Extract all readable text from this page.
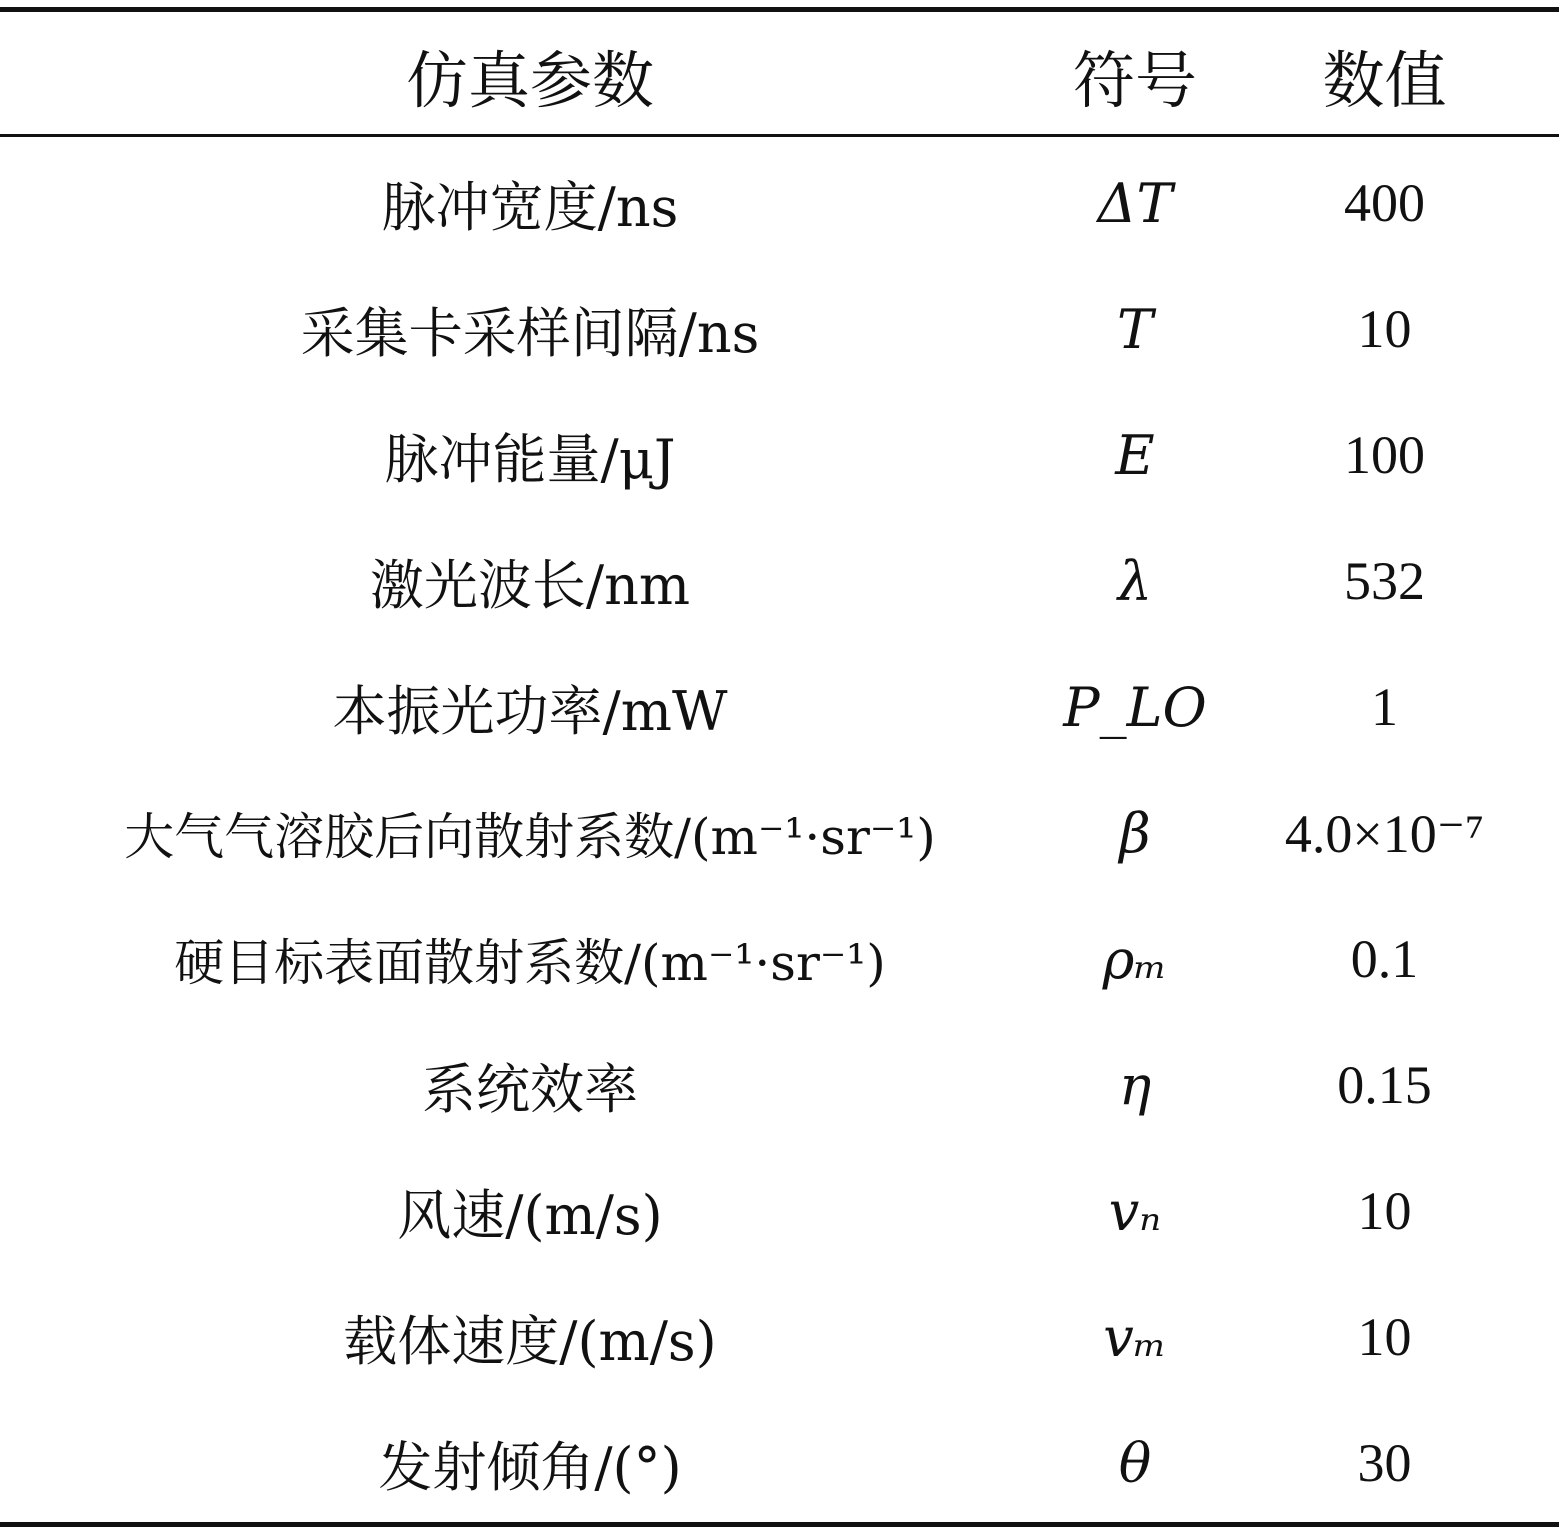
仿真参数	符号	数值
脉冲宽度/ns	ΔT	400
采集卡采样间隔/ns	T	10
脉冲能量/μJ	E	100
激光波长/nm	λ	532
本振光功率/mW	P_LO	1
大气气溶胶后向散射系数/(m⁻¹·sr⁻¹)	β	4.0×10⁻⁷
硬目标表面散射系数/(m⁻¹·sr⁻¹)	ρₘ	0.1
系统效率	η	0.15
风速/(m/s)	vₙ	10
载体速度/(m/s)	vₘ	10
发射倾角/(°)	θ	30
